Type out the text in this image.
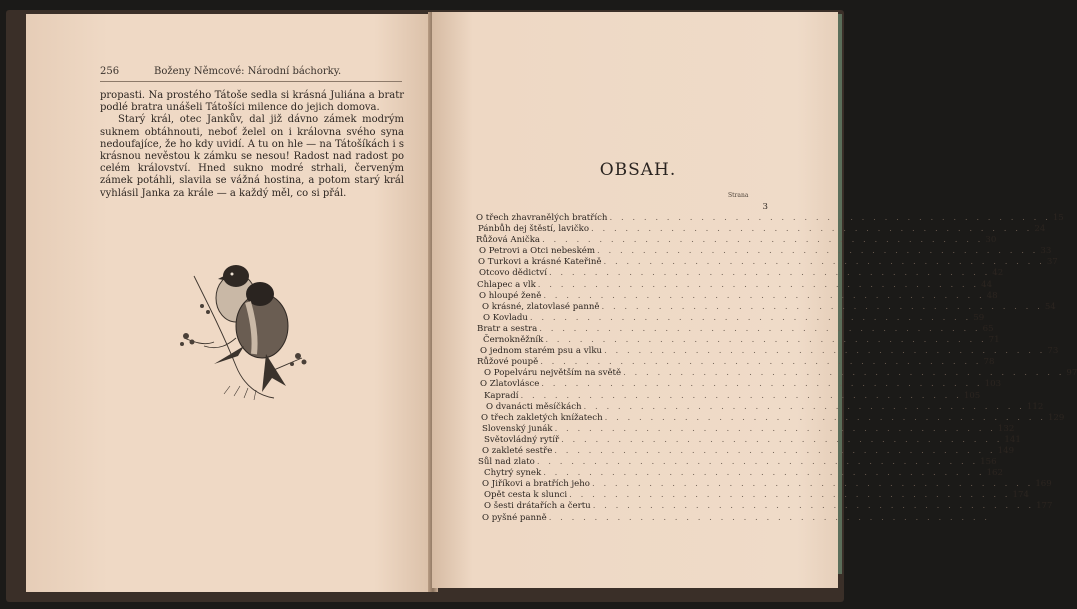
256	Boženy Němcové: Národní báchorky.

propasti. Na prostého Tátoše sedla si krásná Juliána a bratr podlé bratra unášeli Tátošíci milence do jejich domova.

Starý král, otec Jankův, dal již dávno zámek modrým suknem obtáhnouti, neboť želel on i královna svého syna nedoufajíce, že ho kdy uvidí. A tu on hle — na Tátošíkách i s krásnou nevěstou k zámku se nesou! Radost nad radost po celém království. Hned sukno modré strhali, červeným zámek potáhli, slavila se vážná hostina, a potom starý král vyhlásil Janka za krále — a každý měl, co si přál.

OBSAH.
Strana
3
O třech zhavranělých bratřích . . . . . . . . . . . . . . . . . . . . . . . . . . . . . . . . . . . . . . . 15
Pánbůh dej štěstí, lavičko . . . . . . . . . . . . . . . . . . . . . . . . . . . . . . . . . . . . . . . 24
Růžová Anička . . . . . . . . . . . . . . . . . . . . . . . . . . . . . . . . . . . . . . . 30
O Petrovi a Otci nebeském . . . . . . . . . . . . . . . . . . . . . . . . . . . . . . . . . . . . . . . 33
O Turkovi a krásné Kateřině . . . . . . . . . . . . . . . . . . . . . . . . . . . . . . . . . . . . . . . 37
Otcovo dědictví . . . . . . . . . . . . . . . . . . . . . . . . . . . . . . . . . . . . . . . 42
Chlapec a vlk . . . . . . . . . . . . . . . . . . . . . . . . . . . . . . . . . . . . . . . 44
O hloupé ženě . . . . . . . . . . . . . . . . . . . . . . . . . . . . . . . . . . . . . . . 48
O krásné, zlatovlasé panně . . . . . . . . . . . . . . . . . . . . . . . . . . . . . . . . . . . . . . . 54
O Kovladu . . . . . . . . . . . . . . . . . . . . . . . . . . . . . . . . . . . . . . . 59
Bratr a sestra . . . . . . . . . . . . . . . . . . . . . . . . . . . . . . . . . . . . . . . 65
Černokněžník . . . . . . . . . . . . . . . . . . . . . . . . . . . . . . . . . . . . . . . 71
O jednom starém psu a vlku . . . . . . . . . . . . . . . . . . . . . . . . . . . . . . . . . . . . . . . 73
Růžové poupě . . . . . . . . . . . . . . . . . . . . . . . . . . . . . . . . . . . . . . . 78
O Popelváru největším na světě . . . . . . . . . . . . . . . . . . . . . . . . . . . . . . . . . . . . . . . 97
O Zlatovlásce . . . . . . . . . . . . . . . . . . . . . . . . . . . . . . . . . . . . . . . 103
Kapradí . . . . . . . . . . . . . . . . . . . . . . . . . . . . . . . . . . . . . . . 105
O dvanácti měsíčkách . . . . . . . . . . . . . . . . . . . . . . . . . . . . . . . . . . . . . . . 112
O třech zakletých knížatech . . . . . . . . . . . . . . . . . . . . . . . . . . . . . . . . . . . . . . . 129
Slovenský junák . . . . . . . . . . . . . . . . . . . . . . . . . . . . . . . . . . . . . . . 132
Světovládný rytíř . . . . . . . . . . . . . . . . . . . . . . . . . . . . . . . . . . . . . . . 141
O zakleté sestře . . . . . . . . . . . . . . . . . . . . . . . . . . . . . . . . . . . . . . . 149
Sůl nad zlato . . . . . . . . . . . . . . . . . . . . . . . . . . . . . . . . . . . . . . . 156
Chytrý synek . . . . . . . . . . . . . . . . . . . . . . . . . . . . . . . . . . . . . . . 162
O Jiříkovi a bratřích jeho . . . . . . . . . . . . . . . . . . . . . . . . . . . . . . . . . . . . . . . 169
Opět cesta k slunci . . . . . . . . . . . . . . . . . . . . . . . . . . . . . . . . . . . . . . . 174
O šesti drátařích a čertu . . . . . . . . . . . . . . . . . . . . . . . . . . . . . . . . . . . . . . . 177
O pyšné panně . . . . . . . . . . . . . . . . . . . . . . . . . . . . . . . . . . . . . . .
